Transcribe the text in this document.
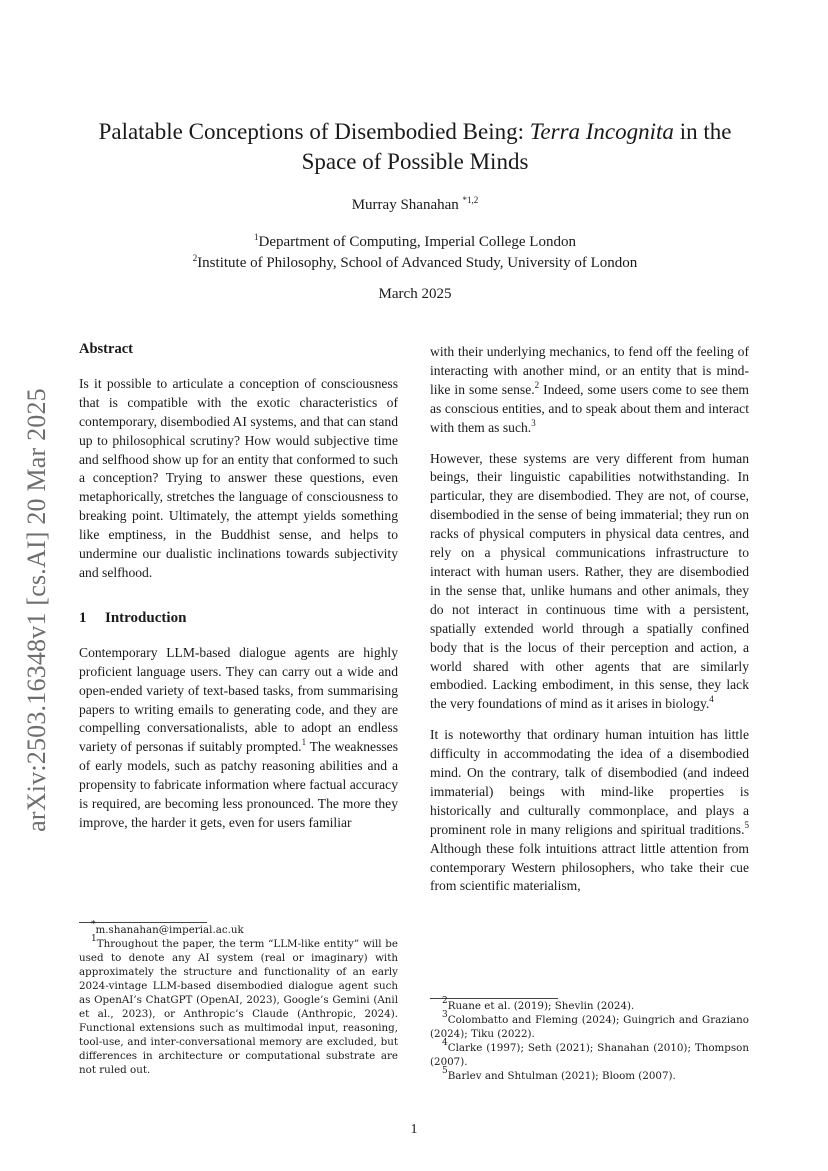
arXiv:2503.16348v1 [cs.AI] 20 Mar 2025
Palatable Conceptions of Disembodied Being: Terra Incognita in the Space of Possible Minds
Murray Shanahan $^{*1,2}$
$^1$Department of Computing, Imperial College London
$^2$Institute of Philosophy, School of Advanced Study, University of London
March 2025
Abstract

Is it possible to articulate a conception of consciousness that is compatible with the exotic characteristics of contemporary, disembodied AI systems, and that can stand up to philosophical scrutiny? How would subjective time and selfhood show up for an entity that conformed to such a conception? Trying to answer these questions, even metaphorically, stretches the language of consciousness to breaking point. Ultimately, the attempt yields something like emptiness, in the Buddhist sense, and helps to undermine our dualistic inclinations towards subjectivity and selfhood.

1 Introduction

Contemporary LLM-based dialogue agents are highly proficient language users. They can carry out a wide and open-ended variety of text-based tasks, from summarising papers to writing emails to generating code, and they are compelling conversationalists, able to adopt an endless variety of personas if suitably prompted.$^1$ The weaknesses of early models, such as patchy reasoning abilities and a propensity to fabricate information where factual accuracy is required, are becoming less pronounced. The more they improve, the harder it gets, even for users familiar

*m.shanahan@imperial.ac.uk
$^1$Throughout the paper, the term “LLM-like entity” will be used to denote any AI system (real or imaginary) with approximately the structure and functionality of an early 2024-vintage LLM-based disembodied dialogue agent such as OpenAI’s ChatGPT (OpenAI, 2023), Google’s Gemini (Anil et al., 2023), or Anthropic’s Claude (Anthropic, 2024). Functional extensions such as multimodal input, reasoning, tool-use, and inter-conversational memory are excluded, but differences in architecture or computational substrate are not ruled out.

with their underlying mechanics, to fend off the feeling of interacting with another mind, or an entity that is mind-like in some sense.$^2$ Indeed, some users come to see them as conscious entities, and to speak about them and interact with them as such.$^3$

However, these systems are very different from human beings, their linguistic capabilities notwithstanding. In particular, they are disembodied. They are not, of course, disembodied in the sense of being immaterial; they run on racks of physical computers in physical data centres, and rely on a physical communications infrastructure to interact with human users. Rather, they are disembodied in the sense that, unlike humans and other animals, they do not interact in continuous time with a persistent, spatially extended world through a spatially confined body that is the locus of their perception and action, a world shared with other agents that are similarly embodied. Lacking embodiment, in this sense, they lack the very foundations of mind as it arises in biology.$^4$

It is noteworthy that ordinary human intuition has little difficulty in accommodating the idea of a disembodied mind. On the contrary, talk of disembodied (and indeed immaterial) beings with mind-like properties is historically and culturally commonplace, and plays a prominent role in many religions and spiritual traditions.$^5$ Although these folk intuitions attract little attention from contemporary Western philosophers, who take their cue from scientific materialism,

$^2$Ruane et al. (2019); Shevlin (2024).
$^3$Colombatto and Fleming (2024); Guingrich and Graziano (2024); Tiku (2022).
$^4$Clarke (1997); Seth (2021); Shanahan (2010); Thompson (2007).
$^5$Barlev and Shtulman (2021); Bloom (2007).
1
